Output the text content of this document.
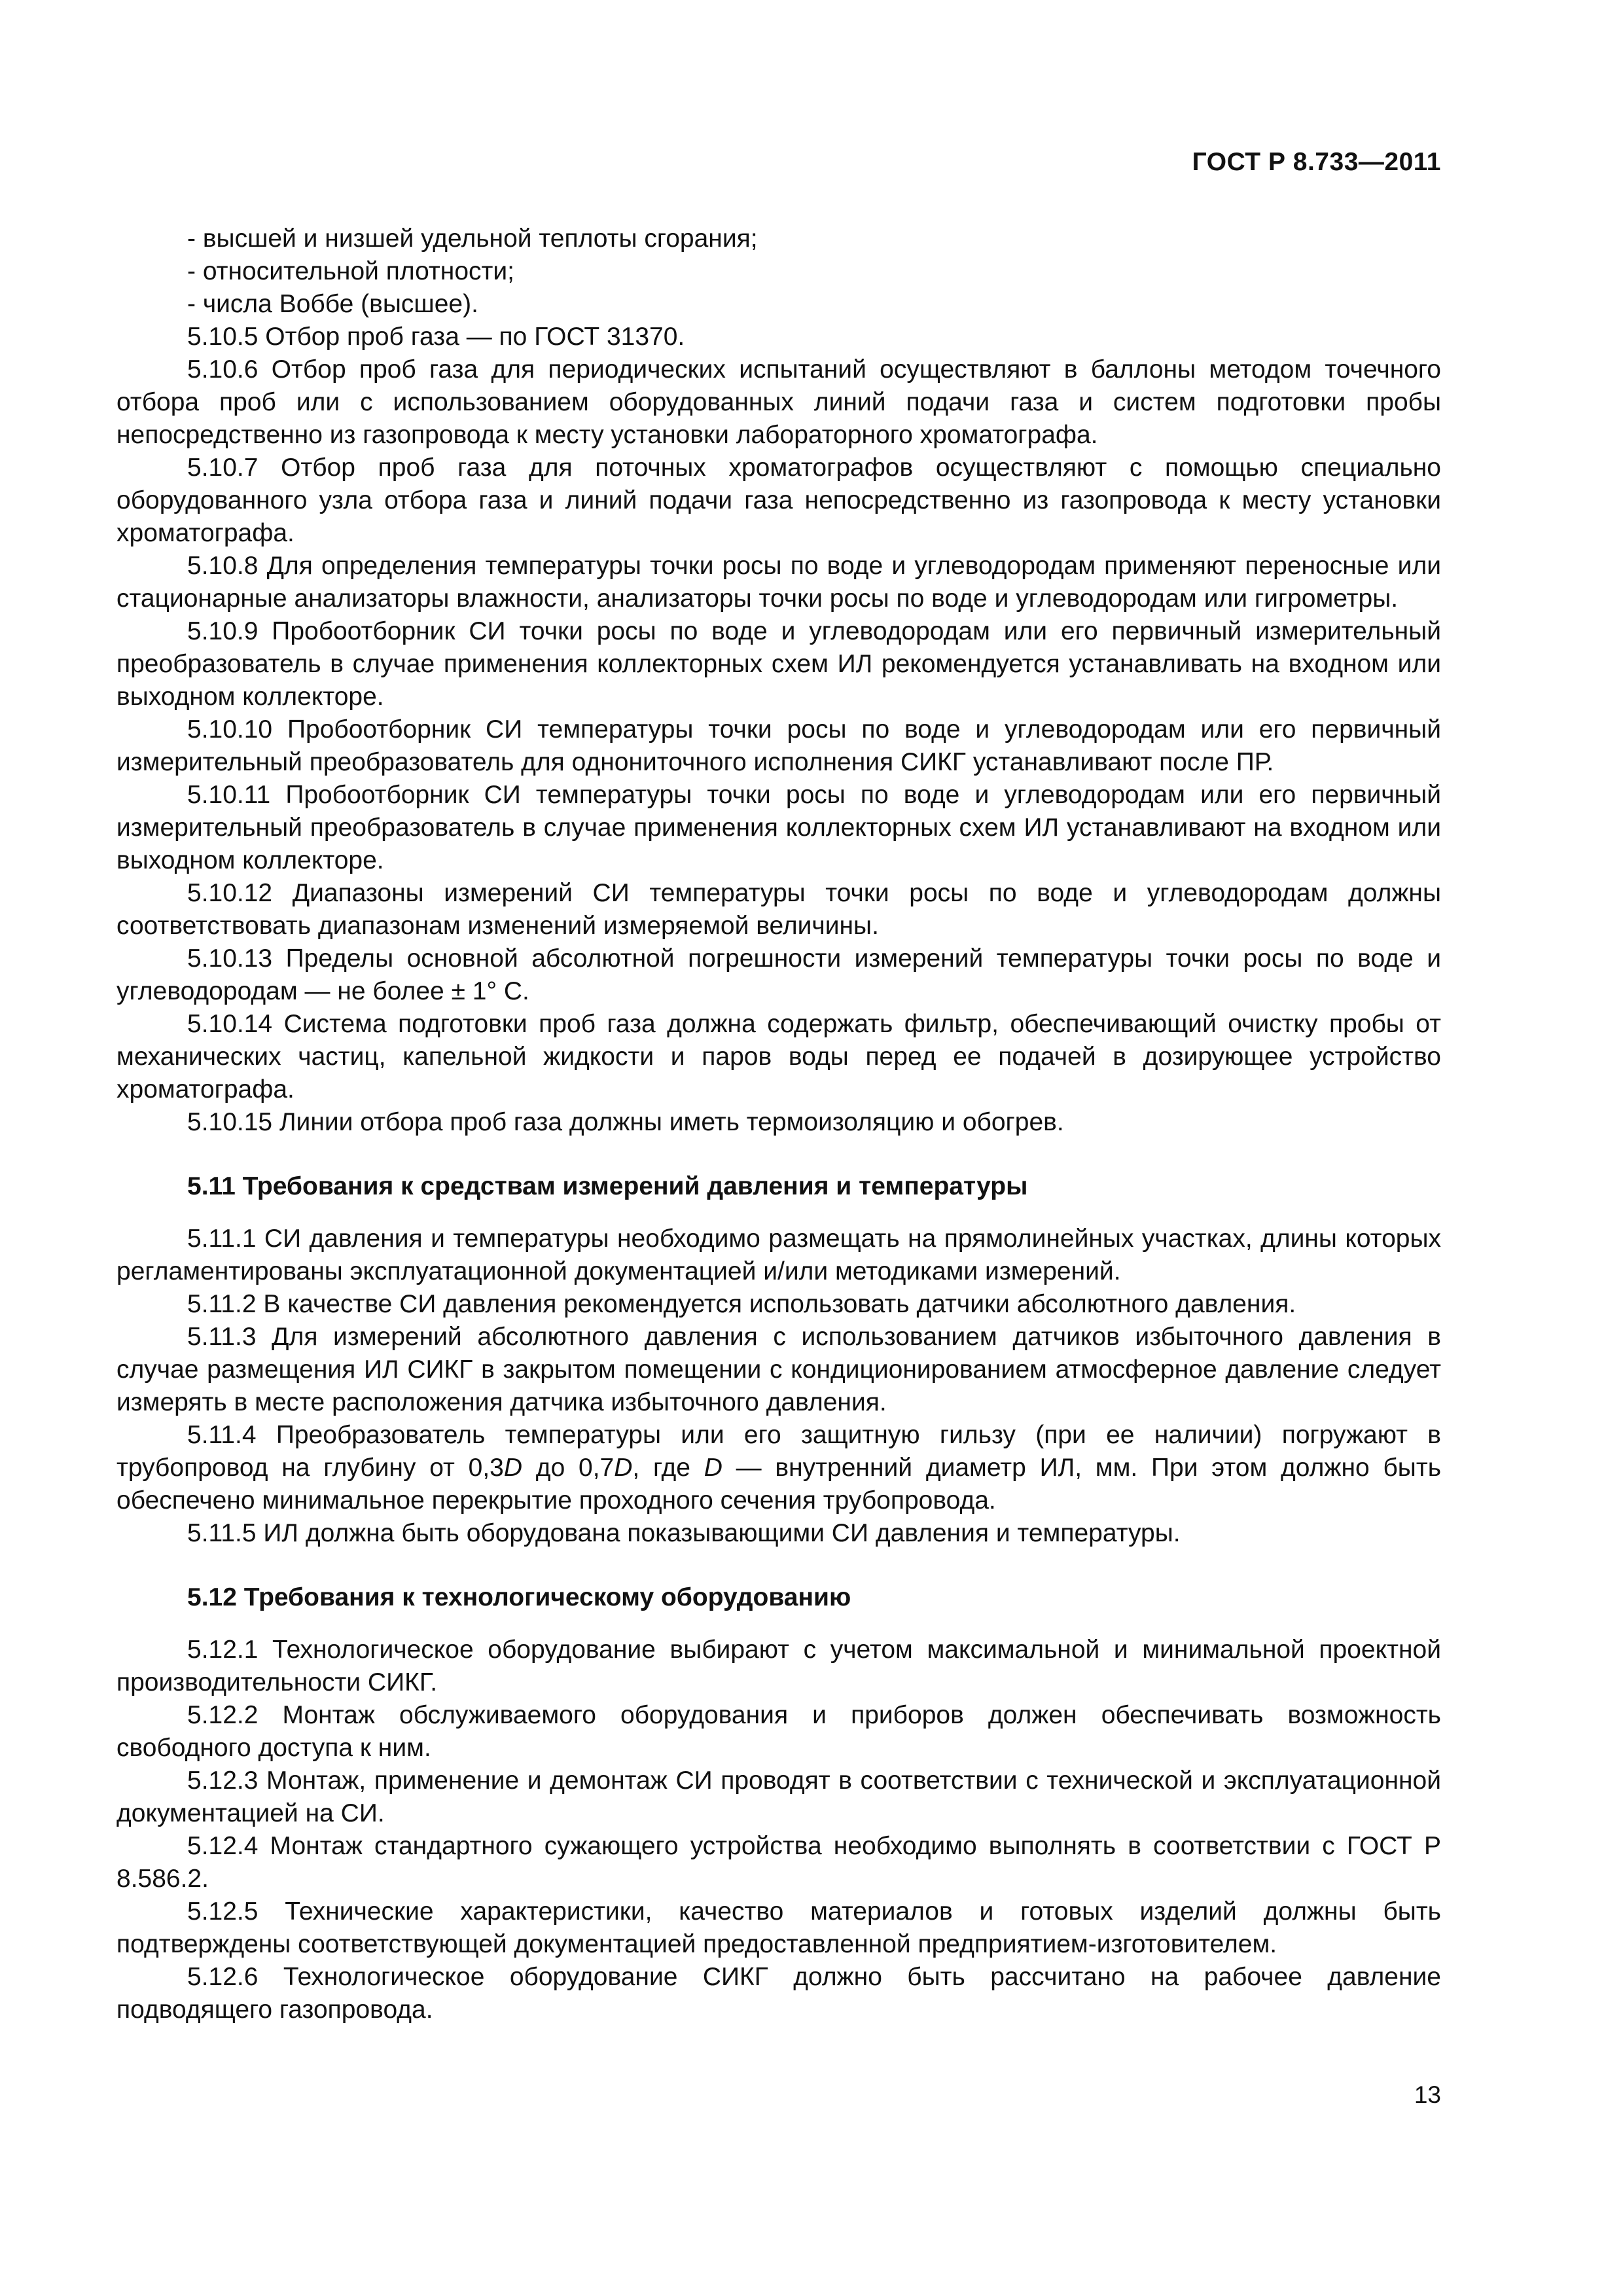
ГОСТ Р 8.733—2011

- высшей и низшей удельной теплоты сгорания;

- относительной плотности;

- числа Воббе (высшее).

5.10.5 Отбор проб газа — по ГОСТ 31370.

5.10.6 Отбор проб газа для периодических испытаний осуществляют в баллоны методом точечного отбора проб или с использованием оборудованных линий подачи газа и систем подготовки пробы непосредственно из газопровода к месту установки лабораторного хроматографа.

5.10.7 Отбор проб газа для поточных хроматографов осуществляют с помощью специально оборудованного узла отбора газа и линий подачи газа непосредственно из газопровода к месту установки хроматографа.

5.10.8 Для определения температуры точки росы по воде и углеводородам применяют переносные или стационарные анализаторы влажности, анализаторы точки росы по воде и углеводородам или гигрометры.

5.10.9 Пробоотборник СИ точки росы по воде и углеводородам или его первичный измерительный преобразователь в случае применения коллекторных схем ИЛ рекомендуется устанавливать на входном или выходном коллекторе.

5.10.10 Пробоотборник СИ температуры точки росы по воде и углеводородам или его первичный измерительный преобразователь для однониточного исполнения СИКГ устанавливают после ПР.

5.10.11 Пробоотборник СИ температуры точки росы по воде и углеводородам или его первичный измерительный преобразователь в случае применения коллекторных схем ИЛ устанавливают на входном или выходном коллекторе.

5.10.12 Диапазоны измерений СИ температуры точки росы по воде и углеводородам должны соответствовать диапазонам изменений измеряемой величины.

5.10.13 Пределы основной абсолютной погрешности измерений температуры точки росы по воде и углеводородам — не более ± 1° С.

5.10.14 Система подготовки проб газа должна содержать фильтр, обеспечивающий очистку пробы от механических частиц, капельной жидкости и паров воды перед ее подачей в дозирующее устройство хроматографа.

5.10.15 Линии отбора проб газа должны иметь термоизоляцию и обогрев.

5.11 Требования к средствам измерений давления и температуры

5.11.1 СИ давления и температуры необходимо размещать на прямолинейных участках, длины которых регламентированы эксплуатационной документацией и/или методиками измерений.

5.11.2 В качестве СИ давления рекомендуется использовать датчики абсолютного давления.

5.11.3 Для измерений абсолютного давления с использованием датчиков избыточного давления в случае размещения ИЛ СИКГ в закрытом помещении с кондиционированием атмосферное давление следует измерять в месте расположения датчика избыточного давления.

5.11.4 Преобразователь температуры или его защитную гильзу (при ее наличии) погружают в трубопровод на глубину от 0,3D до 0,7D, где D — внутренний диаметр ИЛ, мм. При этом должно быть обеспечено минимальное перекрытие проходного сечения трубопровода.

5.11.5 ИЛ должна быть оборудована показывающими СИ давления и температуры.

5.12 Требования к технологическому оборудованию

5.12.1 Технологическое оборудование выбирают с учетом максимальной и минимальной проектной производительности СИКГ.

5.12.2 Монтаж обслуживаемого оборудования и приборов должен обеспечивать возможность свободного доступа к ним.

5.12.3 Монтаж, применение и демонтаж СИ проводят в соответствии с технической и эксплуатационной документацией на СИ.

5.12.4 Монтаж стандартного сужающего устройства необходимо выполнять в соответствии с ГОСТ Р 8.586.2.

5.12.5 Технические характеристики, качество материалов и готовых изделий должны быть подтверждены соответствующей документацией предоставленной предприятием-изготовителем.

5.12.6 Технологическое оборудование СИКГ должно быть рассчитано на рабочее давление подводящего газопровода.

13
